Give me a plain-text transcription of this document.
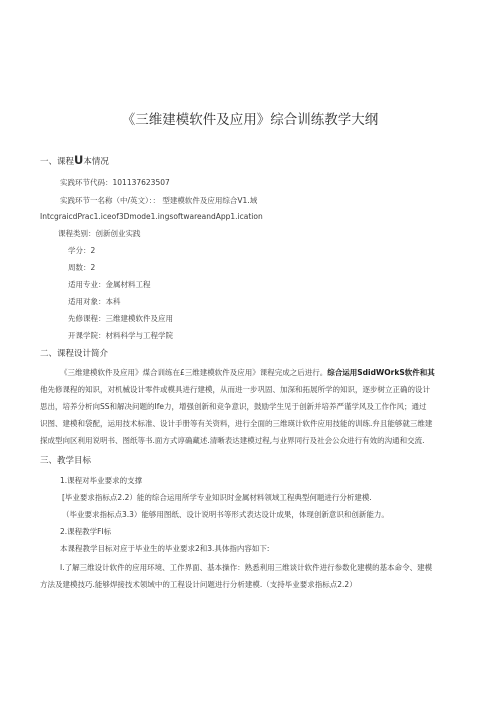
《三维建模软件及应用》综合训练教学大纲
一、课程U本情况
实践环节代码：101137623507
实践环节一名称（中/英文）：： 型建模软件及应用综合V1.域
IntcgraicdPrac1.iceof3Dmode1.ingsoftwareandApp1.ication
课程类别：创新创业实践
学分：2
周数：2
适用专业：金属材料工程
适用对象：本科
先修课程：三维建模软件及应用
开课学院：材料科学与工程学院
二、课程设计简介
《三维建模软件及应用》煤合训练在£三维建模软件及应用》课程完成之后进行。综合运用SdidWOrkS软件和其
他先修课程的知识，对机械设计零件或模具进行建模，从而进一步巩固、加深和拓展所学的知识，逐步树立正确的设计
思出，培养分析向SS和解决问题的Ife力，增强创新和竞争意识，鼓励学生见于创新并培养严谨学风及工作作风；通过
识图、建模和袋配，运用技术标准、设计手册等有关资料，进行全面的三维瑛计软件应用技能的训练.弁且能够就三维建
探成型向区利用说明书、图纸等书.面方式谆确藏述.清晰表达建模过程,与业界同行及社会公众进行有效的沟通和交流.
三、教学目标
1.课程对毕业要求的支撑
[毕业要求指标点2.2）能的综合运用所学专业知识时金属材料领域工程典型何题进行分析建模.
（毕业要求指标点3.3）能够用图纸、设计说明书等形式表达设计成果，体现创新意识和创新能力。
2.课程教学FI标
本课程教学目标对应于毕业生的毕业要求2和3.具体指内容如下:
I.了解三维设计软件的应用环境、工作界面、基本操作：熟悉利用三维谈计软件进行参数化建模的基本命令、建模
方法及建模技巧.能够焊接技术领域中的工程设计问题进行分析建模.（支持毕业要求指标点2.2）
